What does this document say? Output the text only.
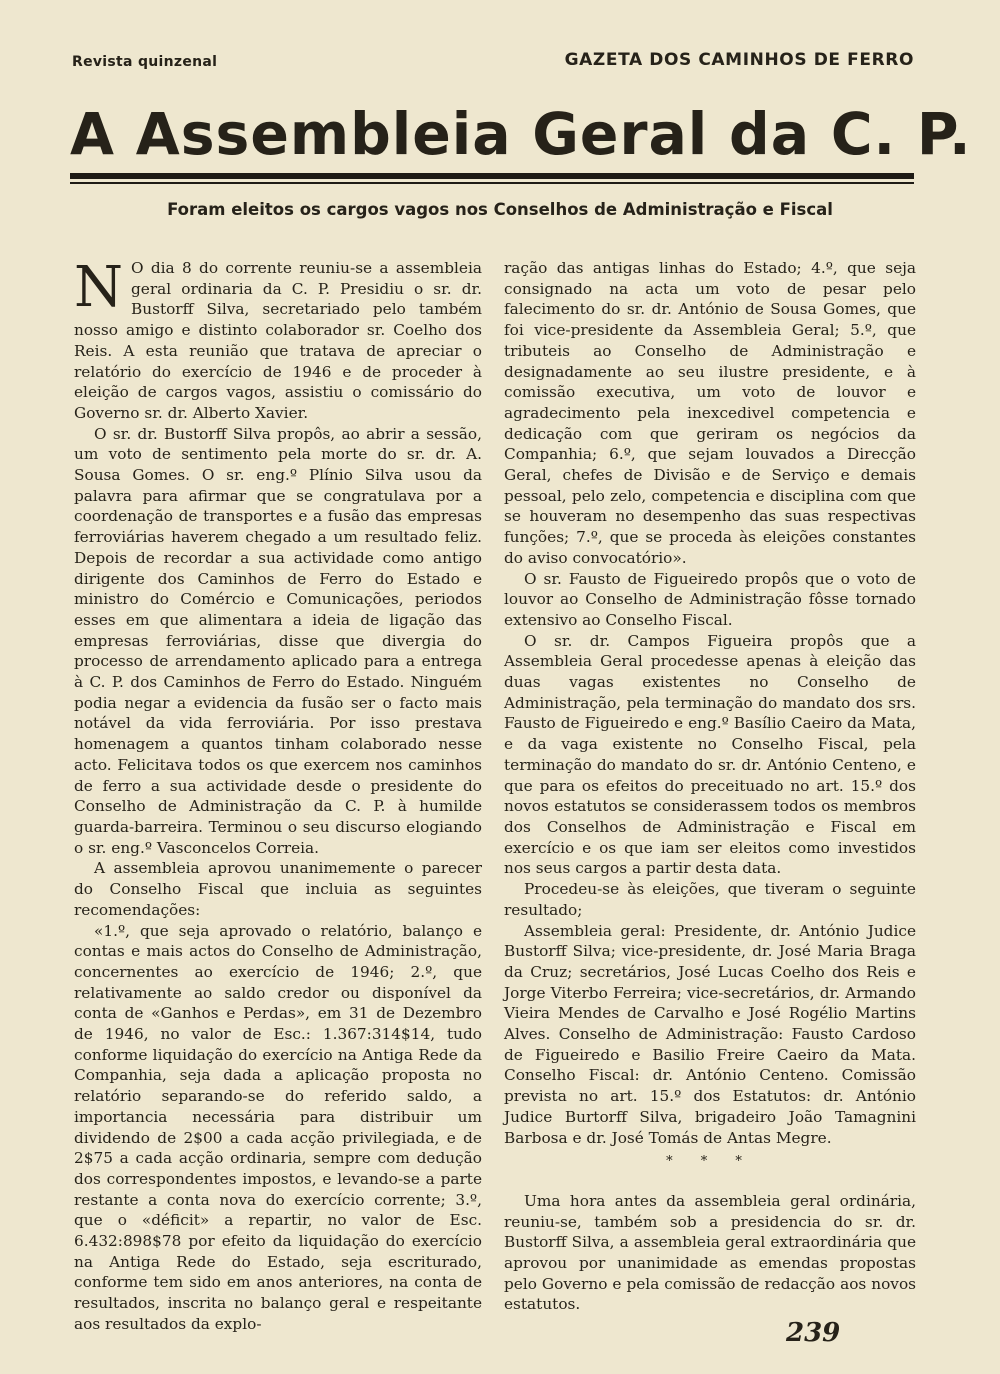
Revista quinzenal	GAZETA DOS CAMINHOS DE FERRO
A Assembleia Geral da C. P.
Foram eleitos os cargos vagos nos Conselhos de Administração e Fiscal

N O dia 8 do corrente reuniu-se a assembleia geral ordinaria da C. P. Presidiu o sr. dr. Bustorff Silva, secretariado pelo também nosso amigo e distinto colaborador sr. Coelho dos Reis. A esta reunião que tratava de apreciar o relatório do exercício de 1946 e de proceder à eleição de cargos vagos, assistiu o comissário do Governo sr. dr. Alberto Xavier.

O sr. dr. Bustorff Silva propôs, ao abrir a sessão, um voto de sentimento pela morte do sr. dr. A. Sousa Gomes. O sr. eng.º Plínio Silva usou da palavra para afirmar que se congratulava por a coordenação de transportes e a fusão das empresas ferroviárias haverem chegado a um resultado feliz. Depois de recordar a sua actividade como antigo dirigente dos Caminhos de Ferro do Estado e ministro do Comércio e Comunicações, periodos esses em que alimentara a ideia de ligação das empresas ferroviárias, disse que divergia do processo de arrendamento aplicado para a entrega à C. P. dos Caminhos de Ferro do Estado. Ninguém podia negar a evidencia da fusão ser o facto mais notável da vida ferroviária. Por isso prestava homenagem a quantos tinham colaborado nesse acto. Felicitava todos os que exercem nos caminhos de ferro a sua actividade desde o presidente do Conselho de Administração da C. P. à humilde guarda-barreira. Terminou o seu discurso elogiando o sr. eng.º Vasconcelos Correia.

A assembleia aprovou unanimemente o parecer do Conselho Fiscal que incluia as seguintes recomendações:

«1.º, que seja aprovado o relatório, balanço e contas e mais actos do Conselho de Administração, concernentes ao exercício de 1946; 2.º, que relativamente ao saldo credor ou disponível da conta de «Ganhos e Perdas», em 31 de Dezembro de 1946, no valor de Esc.: 1.367:314$14, tudo conforme liquidação do exercício na Antiga Rede da Companhia, seja dada a aplicação proposta no relatório separando-se do referido saldo, a importancia necessária para distribuir um dividendo de 2$00 a cada acção privilegiada, e de 2$75 a cada acção ordinaria, sempre com dedução dos correspondentes impostos, e levando-se a parte restante a conta nova do exercício corrente; 3.º, que o «déficit» a repartir, no valor de Esc. 6.432:898$78 por efeito da liquidação do exercício na Antiga Rede do Estado, seja escriturado, conforme tem sido em anos anteriores, na conta de resultados, inscrita no balanço geral e respeitante aos resultados da explo-

ração das antigas linhas do Estado; 4.º, que seja consignado na acta um voto de pesar pelo falecimento do sr. dr. António de Sousa Gomes, que foi vice-presidente da Assembleia Geral; 5.º, que tributeis ao Conselho de Administração e designadamente ao seu ilustre presidente, e à comissão executiva, um voto de louvor e agradecimento pela inexcedivel competencia e dedicação com que geriram os negócios da Companhia; 6.º, que sejam louvados a Direcção Geral, chefes de Divisão e de Serviço e demais pessoal, pelo zelo, competencia e disciplina com que se houveram no desempenho das suas respectivas funções; 7.º, que se proceda às eleições constantes do aviso convocatório».

O sr. Fausto de Figueiredo propôs que o voto de louvor ao Conselho de Administração fôsse tornado extensivo ao Conselho Fiscal.

O sr. dr. Campos Figueira propôs que a Assembleia Geral procedesse apenas à eleição das duas vagas existentes no Conselho de Administração, pela terminação do mandato dos srs. Fausto de Figueiredo e eng.º Basílio Caeiro da Mata, e da vaga existente no Conselho Fiscal, pela terminação do mandato do sr. dr. António Centeno, e que para os efeitos do preceituado no art. 15.º dos novos estatutos se considerassem todos os membros dos Conselhos de Administração e Fiscal em exercício e os que iam ser eleitos como investidos nos seus cargos a partir desta data.

Procedeu-se às eleições, que tiveram o seguinte resultado;

Assembleia geral: Presidente, dr. António Judice Bustorff Silva; vice-presidente, dr. José Maria Braga da Cruz; secretários, José Lucas Coelho dos Reis e Jorge Viterbo Ferreira; vice-secretários, dr. Armando Vieira Mendes de Carvalho e José Rogélio Martins Alves. Conselho de Administração: Fausto Cardoso de Figueiredo e Basilio Freire Caeiro da Mata. Conselho Fiscal: dr. António Centeno. Comissão prevista no art. 15.º dos Estatutos: dr. António Judice Burtorff Silva, brigadeiro João Tamagnini Barbosa e dr. José Tomás de Antas Megre.

* * *

Uma hora antes da assembleia geral ordinária, reuniu-se, também sob a presidencia do sr. dr. Bustorff Silva, a assembleia geral extraordinária que aprovou por unanimidade as emendas propostas pelo Governo e pela comissão de redacção aos novos estatutos.

239
